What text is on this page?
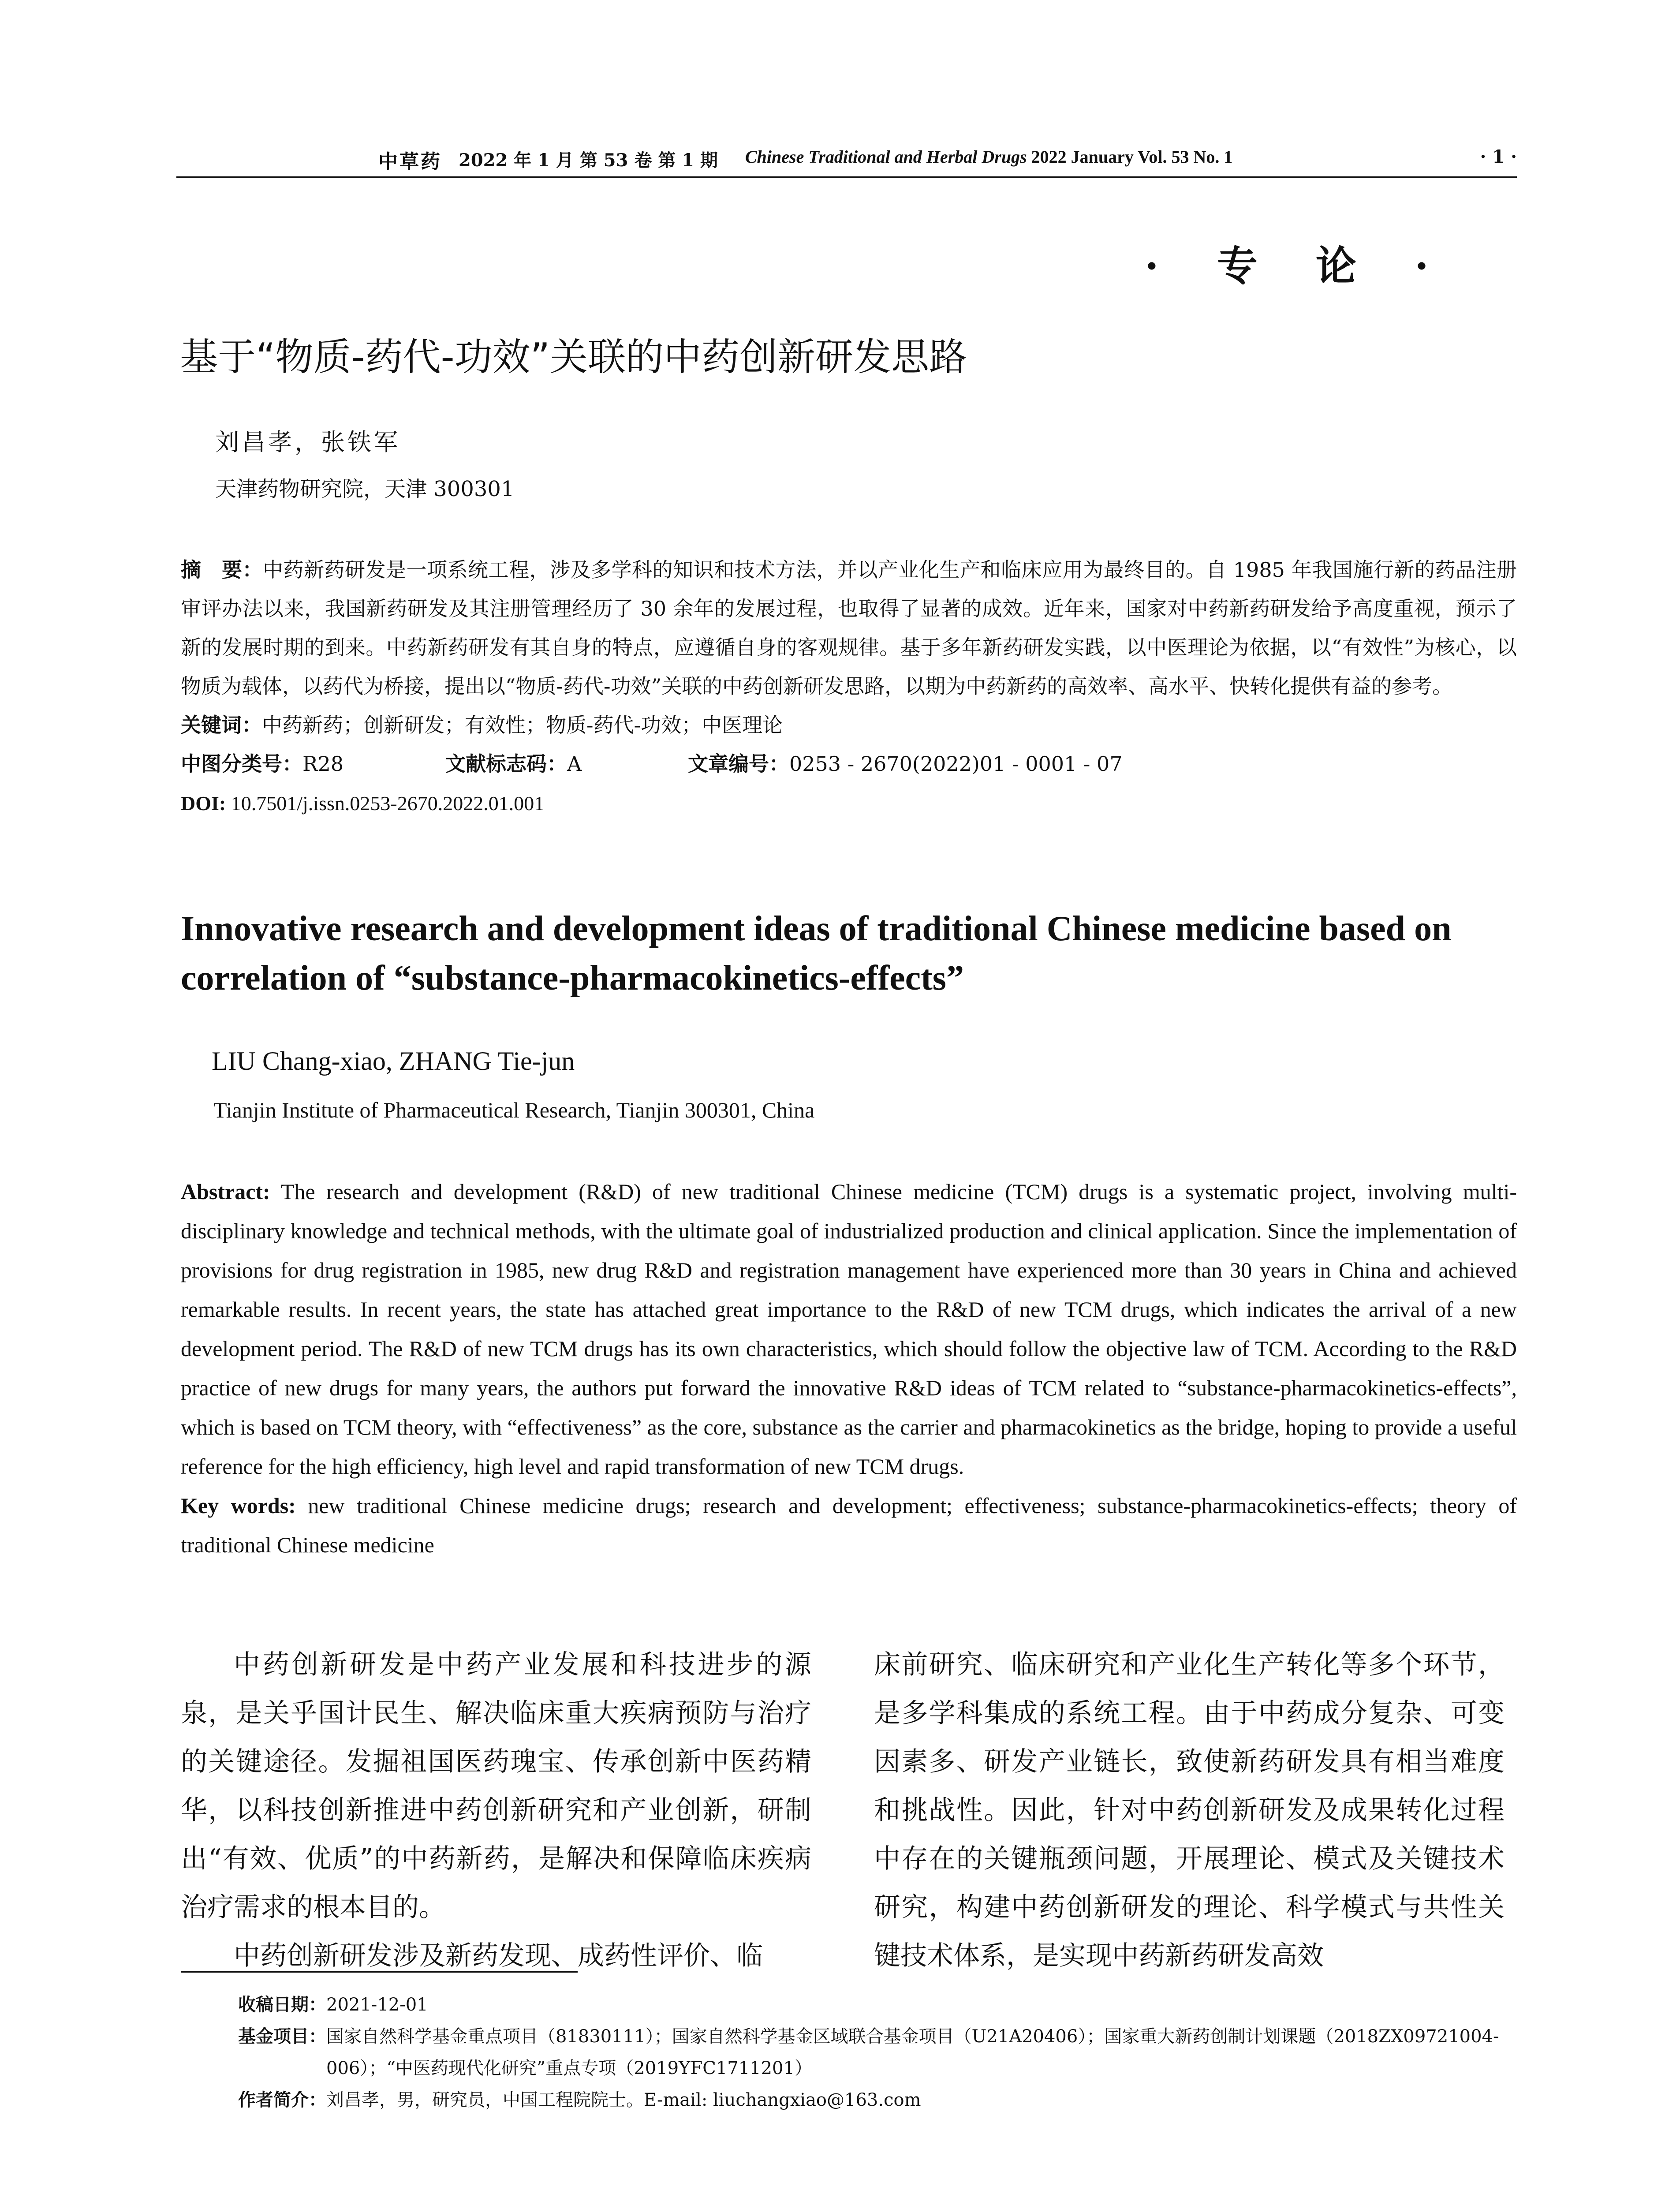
中草药 2022 年 1 月 第 53 卷 第 1 期 Chinese Traditional and Herbal Drugs 2022 January Vol. 53 No. 1	· 1 ·
· 专 论 ·
基于“物质-药代-功效”关联的中药创新研发思路
刘昌孝，张铁军
天津药物研究院，天津 300301

摘　要：中药新药研发是一项系统工程，涉及多学科的知识和技术方法，并以产业化生产和临床应用为最终目的。自 1985 年我国施行新的药品注册审评办法以来，我国新药研发及其注册管理经历了 30 余年的发展过程，也取得了显著的成效。近年来，国家对中药新药研发给予高度重视，预示了新的发展时期的到来。中药新药研发有其自身的特点，应遵循自身的客观规律。基于多年新药研发实践，以中医理论为依据，以“有效性”为核心，以物质为载体，以药代为桥接，提出以“物质-药代-功效”关联的中药创新研发思路，以期为中药新药的高效率、高水平、快转化提供有益的参考。

关键词：中药新药；创新研发；有效性；物质-药代-功效；中医理论

中图分类号：R28	文献标志码：A	文章编号：0253 - 2670(2022)01 - 0001 - 07
DOI: 10.7501/j.issn.0253-2670.2022.01.001
Innovative research and development ideas of traditional Chinese medicine based on correlation of “substance-pharmacokinetics-effects”
LIU Chang-xiao, ZHANG Tie-jun
Tianjin Institute of Pharmaceutical Research, Tianjin 300301, China

Abstract: The research and development (R&D) of new traditional Chinese medicine (TCM) drugs is a systematic project, involving multi-disciplinary knowledge and technical methods, with the ultimate goal of industrialized production and clinical application. Since the implementation of provisions for drug registration in 1985, new drug R&D and registration management have experienced more than 30 years in China and achieved remarkable results. In recent years, the state has attached great importance to the R&D of new TCM drugs, which indicates the arrival of a new development period. The R&D of new TCM drugs has its own characteristics, which should follow the objective law of TCM. According to the R&D practice of new drugs for many years, the authors put forward the innovative R&D ideas of TCM related to “substance-pharmacokinetics-effects”, which is based on TCM theory, with “effectiveness” as the core, substance as the carrier and pharmacokinetics as the bridge, hoping to provide a useful reference for the high efficiency, high level and rapid transformation of new TCM drugs.

Key words: new traditional Chinese medicine drugs; research and development; effectiveness; substance-pharmacokinetics-effects; theory of traditional Chinese medicine

中药创新研发是中药产业发展和科技进步的源泉，是关乎国计民生、解决临床重大疾病预防与治疗的关键途径。发掘祖国医药瑰宝、传承创新中医药精华，以科技创新推进中药创新研究和产业创新，研制出“有效、优质”的中药新药，是解决和保障临床疾病治疗需求的根本目的。

中药创新研发涉及新药发现、成药性评价、临

床前研究、临床研究和产业化生产转化等多个环节，是多学科集成的系统工程。由于中药成分复杂、可变因素多、研发产业链长，致使新药研发具有相当难度和挑战性。因此，针对中药创新研发及成果转化过程中存在的关键瓶颈问题，开展理论、模式及关键技术研究，构建中药创新研发的理论、科学模式与共性关键技术体系，是实现中药新药研发高效

收稿日期： 2021-12-01
基金项目： 国家自然科学基金重点项目（81830111）；国家自然科学基金区域联合基金项目（U21A20406）；国家重大新药创制计划课题（2018ZX09721004-006）；“中医药现代化研究”重点专项（2019YFC1711201）
作者简介： 刘昌孝，男，研究员，中国工程院院士。E-mail: liuchangxiao@163.com
